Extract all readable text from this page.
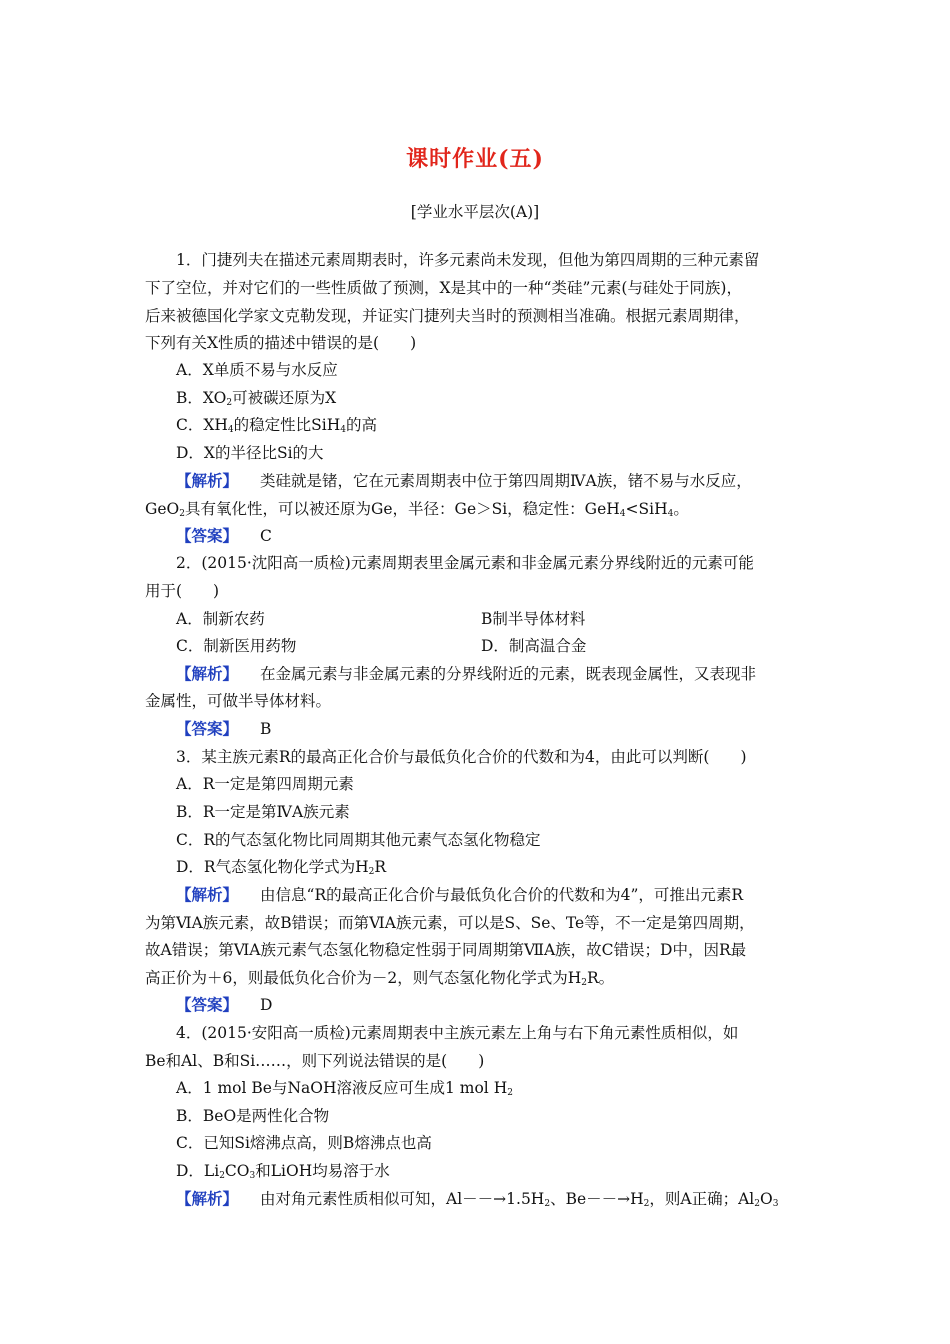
课时作业(五)
[学业水平层次(A)]
1．门捷列夫在描述元素周期表时，许多元素尚未发现，但他为第四周期的三种元素留
下了空位，并对它们的一些性质做了预测，X是其中的一种“类硅”元素(与硅处于同族)，
后来被德国化学家文克勒发现，并证实门捷列夫当时的预测相当准确。根据元素周期律，
下列有关X性质的描述中错误的是(　　)
A．X单质不易与水反应
B．$XO_2$可被碳还原为X
C．$XH_4$的稳定性比SiH$_4$的高
D．X的半径比Si的大
【解析】 类硅就是锗，它在元素周期表中位于第四周期ⅣA族，锗不易与水反应，
GeO$_2$具有氧化性，可以被还原为Ge，半径：Ge＞Si，稳定性：GeH$_4$<SiH$_4$。
【答案】 C
2．(2015·沈阳高一质检)元素周期表里金属元素和非金属元素分界线附近的元素可能
用于(　　)
A．制新农药	B制半导体材料
C．制新医用药物	D．制高温合金
【解析】 在金属元素与非金属元素的分界线附近的元素，既表现金属性，又表现非
金属性，可做半导体材料。
【答案】 B
3．某主族元素R的最高正化合价与最低负化合价的代数和为4，由此可以判断(　　)
A．R一定是第四周期元素
B．R一定是第ⅣA族元素
C．R的气态氢化物比同周期其他元素气态氢化物稳定
D．R气态氢化物化学式为$H_2R$
【解析】 由信息“R的最高正化合价与最低负化合价的代数和为4”，可推出元素R
为第ⅥA族元素，故B错误；而第ⅥA族元素，可以是S、Se、Te等，不一定是第四周期，
故A错误；第ⅥA族元素气态氢化物稳定性弱于同周期第ⅦA族，故C错误；D中，因R最
高正价为＋6，则最低负化合价为－2，则气态氢化物化学式为$H_2R$。
【答案】 D
4．(2015·安阳高一质检)元素周期表中主族元素左上角与右下角元素性质相似，如
Be和Al、B和Si……，则下列说法错误的是(　　)
A．1 mol Be与NaOH溶液反应可生成1 mol $H_2$
B．BeO是两性化合物
C．已知Si熔沸点高，则B熔沸点也高
D．$Li_2CO_3$和LiOH均易溶于水
【解析】 由对角元素性质相似可知，$Al--\to 1.5H_2$、$Be--\to H_2$，则A正确；$Al_2O_3$
